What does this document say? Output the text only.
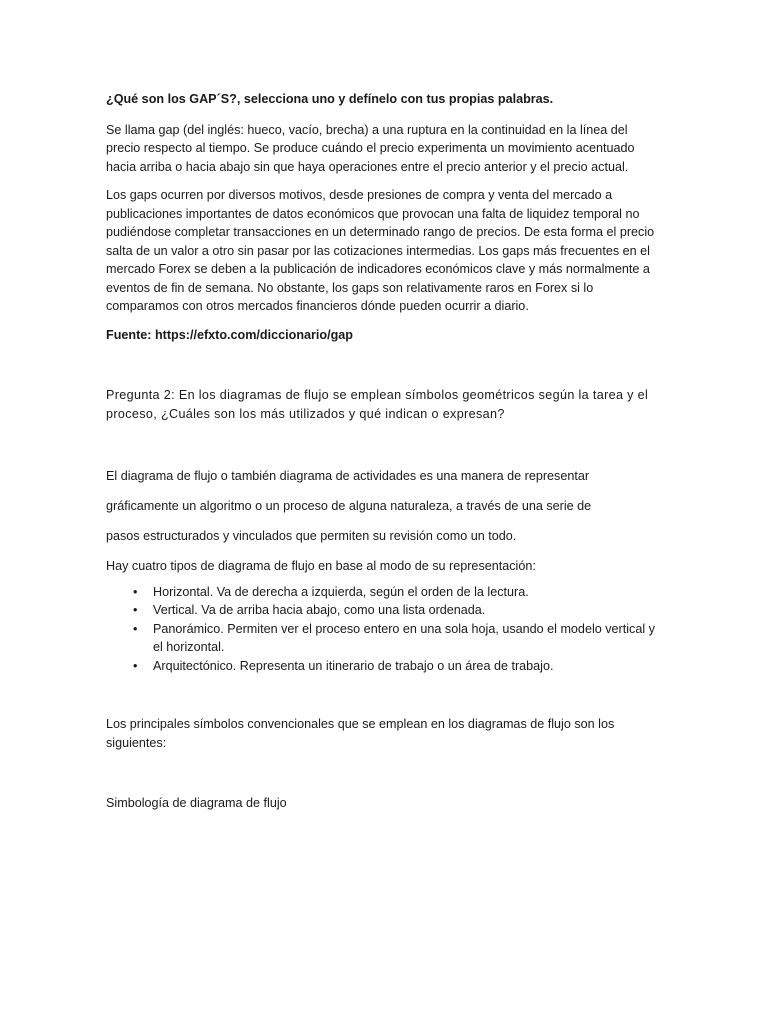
¿Qué son los GAP´S?, selecciona uno y defínelo con tus propias palabras.

Se llama gap (del inglés: hueco, vacío, brecha) a una ruptura en la continuidad en la línea del precio respecto al tiempo. Se produce cuándo el precio experimenta un movimiento acentuado hacia arriba o hacia abajo sin que haya operaciones entre el precio anterior y el precio actual.

Los gaps ocurren por diversos motivos, desde presiones de compra y venta del mercado a publicaciones importantes de datos económicos que provocan una falta de liquidez temporal no pudiéndose completar transacciones en un determinado rango de precios. De esta forma el precio salta de un valor a otro sin pasar por las cotizaciones intermedias. Los gaps más frecuentes en el mercado Forex se deben a la publicación de indicadores económicos clave y más normalmente a eventos de fin de semana. No obstante, los gaps son relativamente raros en Forex si lo comparamos con otros mercados financieros dónde pueden ocurrir a diario.

Fuente: https://efxto.com/diccionario/gap

Pregunta 2: En los diagramas de flujo se emplean símbolos geométricos según la tarea y el proceso, ¿Cuáles son los más utilizados y qué indican o expresan?

El diagrama de flujo o también diagrama de actividades es una manera de representar

gráficamente un algoritmo o un proceso de alguna naturaleza, a través de una serie de

pasos estructurados y vinculados que permiten su revisión como un todo.

Hay cuatro tipos de diagrama de flujo en base al modo de su representación:

• Horizontal. Va de derecha a izquierda, según el orden de la lectura.
• Vertical. Va de arriba hacia abajo, como una lista ordenada.
• Panorámico. Permiten ver el proceso entero en una sola hoja, usando el modelo vertical y el horizontal.
• Arquitectónico. Representa un itinerario de trabajo o un área de trabajo.

Los principales símbolos convencionales que se emplean en los diagramas de flujo son los siguientes:

Simbología de diagrama de flujo
